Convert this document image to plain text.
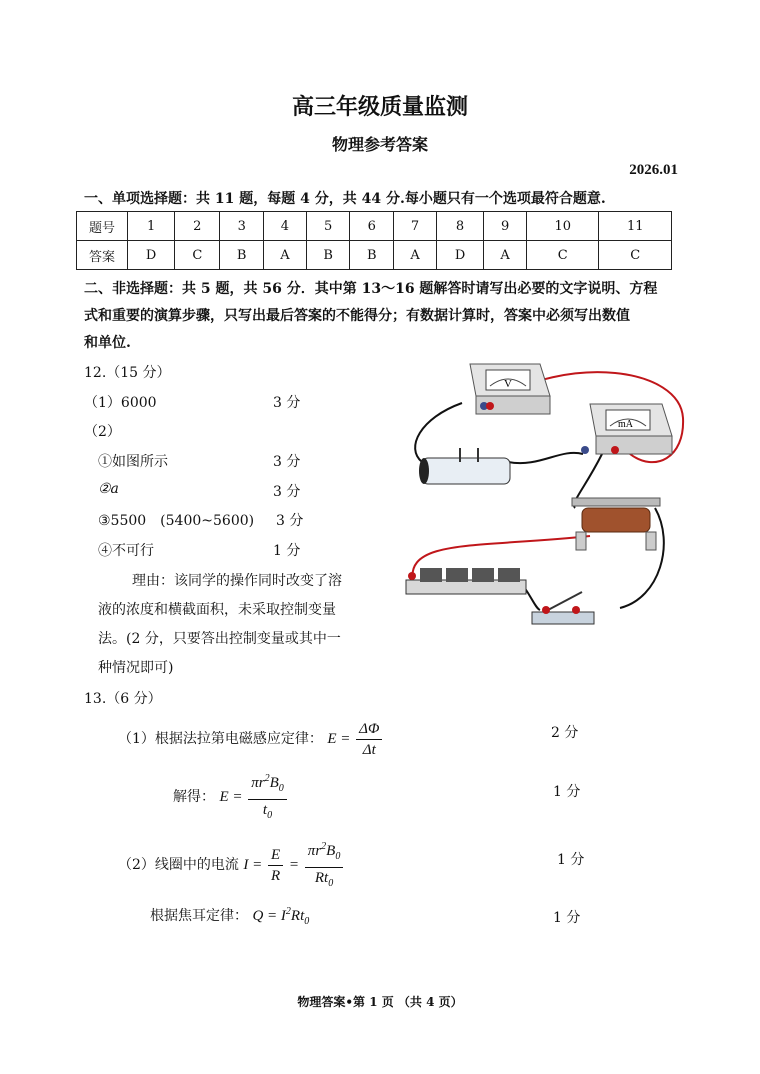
高三年级质量监测
物理参考答案
2026.01
一、单项选择题：共 11 题，每题 4 分，共 44 分.每小题只有一个选项最符合题意.
题号	1	2	3	4	5	6	7	8	9	10	11
答案	D	C	B	A	B	B	A	D	A	C	C
二、非选择题：共 5 题，共 56 分．其中第 13～16 题解答时请写出必要的文字说明、方程
式和重要的演算步骤，只写出最后答案的不能得分；有数据计算时，答案中必须写出数值
和单位.
12.（15 分）
（1）6000	3 分
（2）
①如图所示	3 分
②a	3 分
③5500　(5400~5600) 3 分
④不可行	1 分
理由：该同学的操作同时改变了溶
液的浓度和横截面积，未采取控制变量
法。(2 分，只要答出控制变量或其中一
种情况即可)
V
mA
13.（6 分）
（1）根据法拉第电磁感应定律： $E = \frac{\Delta\Phi}{\Delta t}$	2 分
解得： $E = \frac{\pi r^2B_0}{t_0}$	1 分
（2）线圈中的电流 $I = \frac{E}{R} = \frac{\pi r^2B_0}{Rt_0}$	1 分
根据焦耳定律： $Q = I^2Rt_0$	1 分
物理答案•第 1 页 （共 4 页）
